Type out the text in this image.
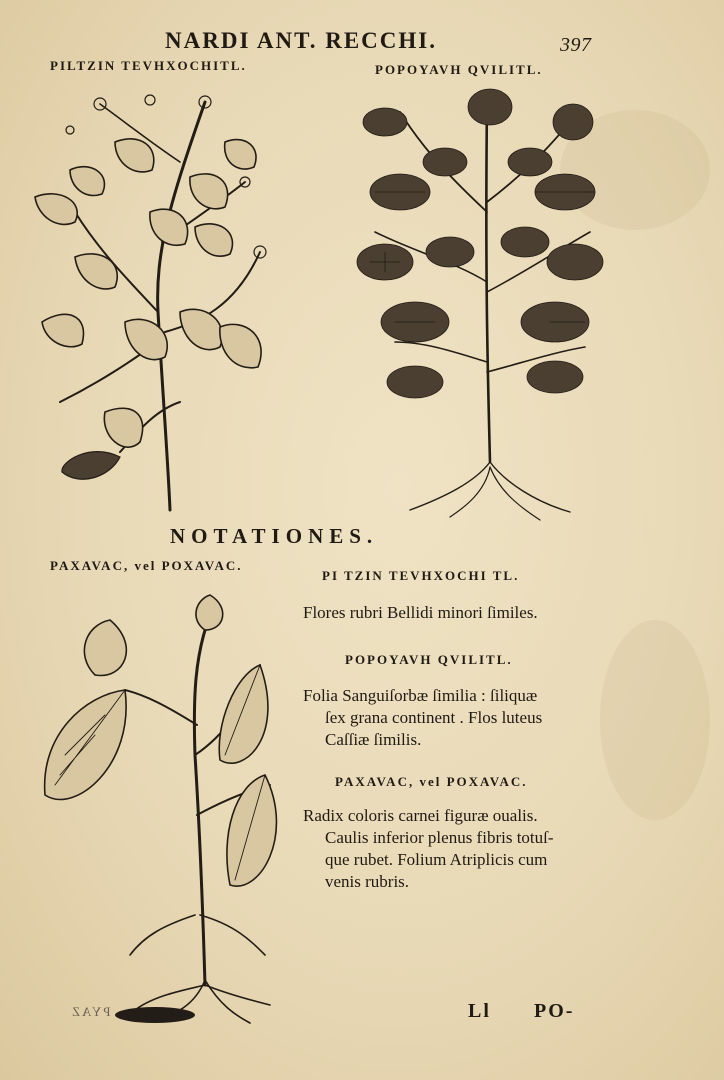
NARDI ANT. RECCHI.	397
PILTZIN TEVHXOCHITL.	POPOYAVH QVILITL.
NOTATIONES.
PAXAVAC, vel POXAVAC.
PI TZIN TEVHXOCHI TL.
Flores rubri Bellidi minori ſimiles.
POPOYAVH QVILITL.
Folia Sanguiſorbæ ſimilia : ſiliquæ
ſex grana continent . Flos luteus
Caſſiæ ſimilis.
PAXAVAC, vel POXAVAC.
Radix coloris carnei figuræ oualis.
Caulis inferior plenus fibris totuſ-
que rubet. Folium Atriplicis cum
venis rubris.
PYAZ	Ll PO-
